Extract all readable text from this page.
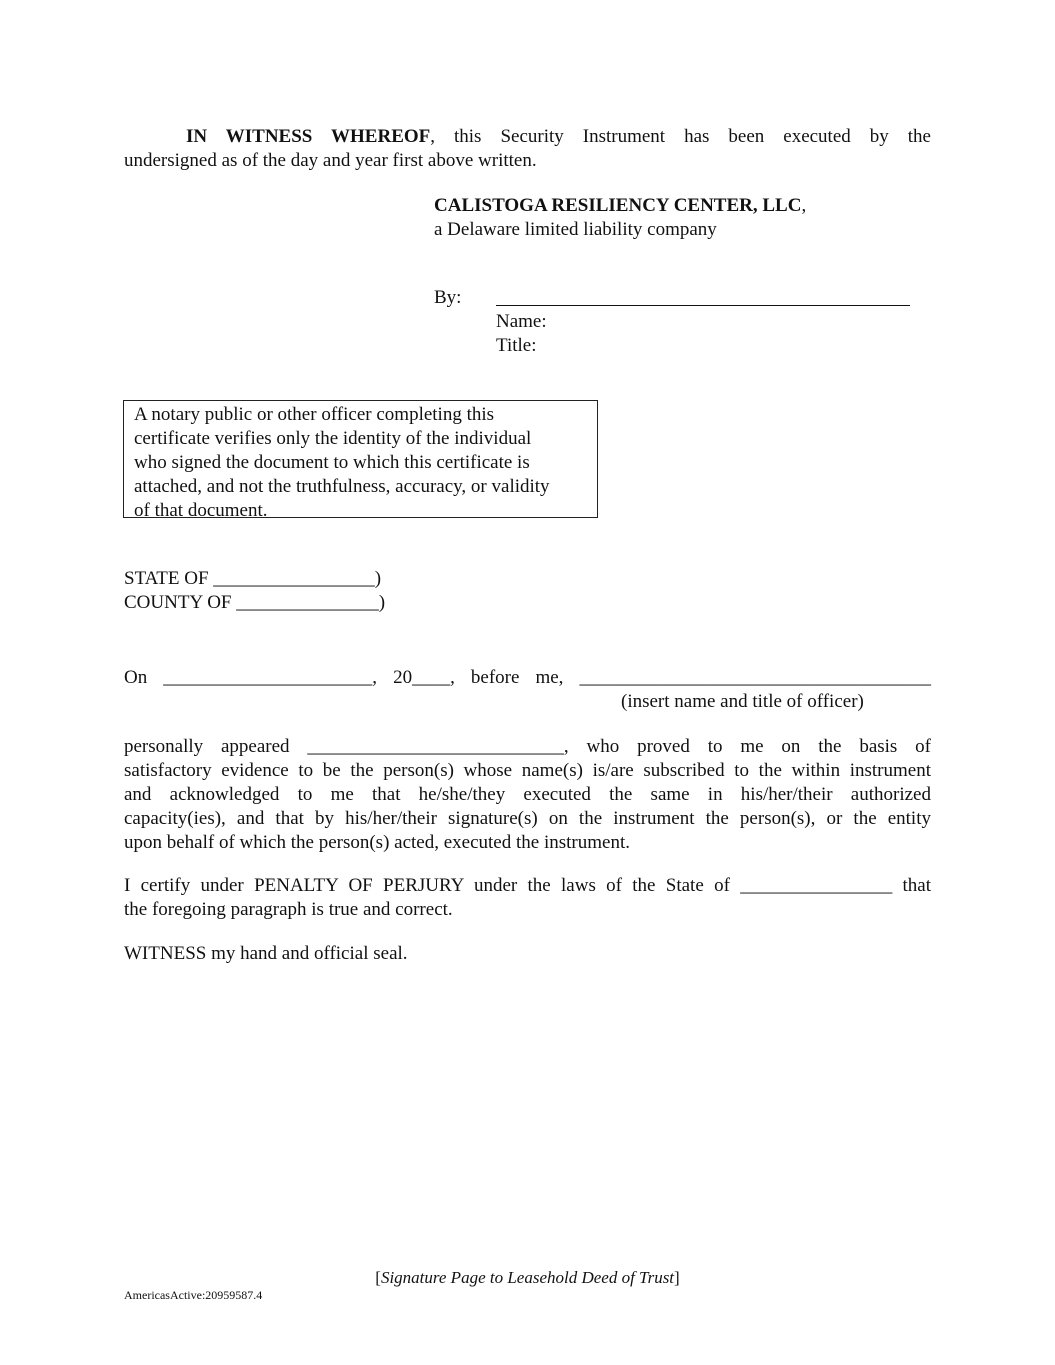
IN WITNESS WHEREOF, this Security Instrument has been executed by the
undersigned as of the day and year first above written.
CALISTOGA RESILIENCY CENTER, LLC,
a Delaware limited liability company
By:
Name:
Title:
A notary public or other officer completing this
certificate verifies only the identity of the individual
who signed the document to which this certificate is
attached, and not the truthfulness, accuracy, or validity
of that document.
STATE OF _________________)
COUNTY OF _______________)
On ______________________, 20____, before me, _____________________________________
(insert name and title of officer)
personally appeared ___________________________, who proved to me on the basis of
satisfactory evidence to be the person(s) whose name(s) is/are subscribed to the within instrument
and acknowledged to me that he/she/they executed the same in his/her/their authorized
capacity(ies), and that by his/her/their signature(s) on the instrument the person(s), or the entity
upon behalf of which the person(s) acted, executed the instrument.
I certify under PENALTY OF PERJURY under the laws of the State of ________________ that
the foregoing paragraph is true and correct.
WITNESS my hand and official seal.
[Signature Page to Leasehold Deed of Trust]
AmericasActive:20959587.4
